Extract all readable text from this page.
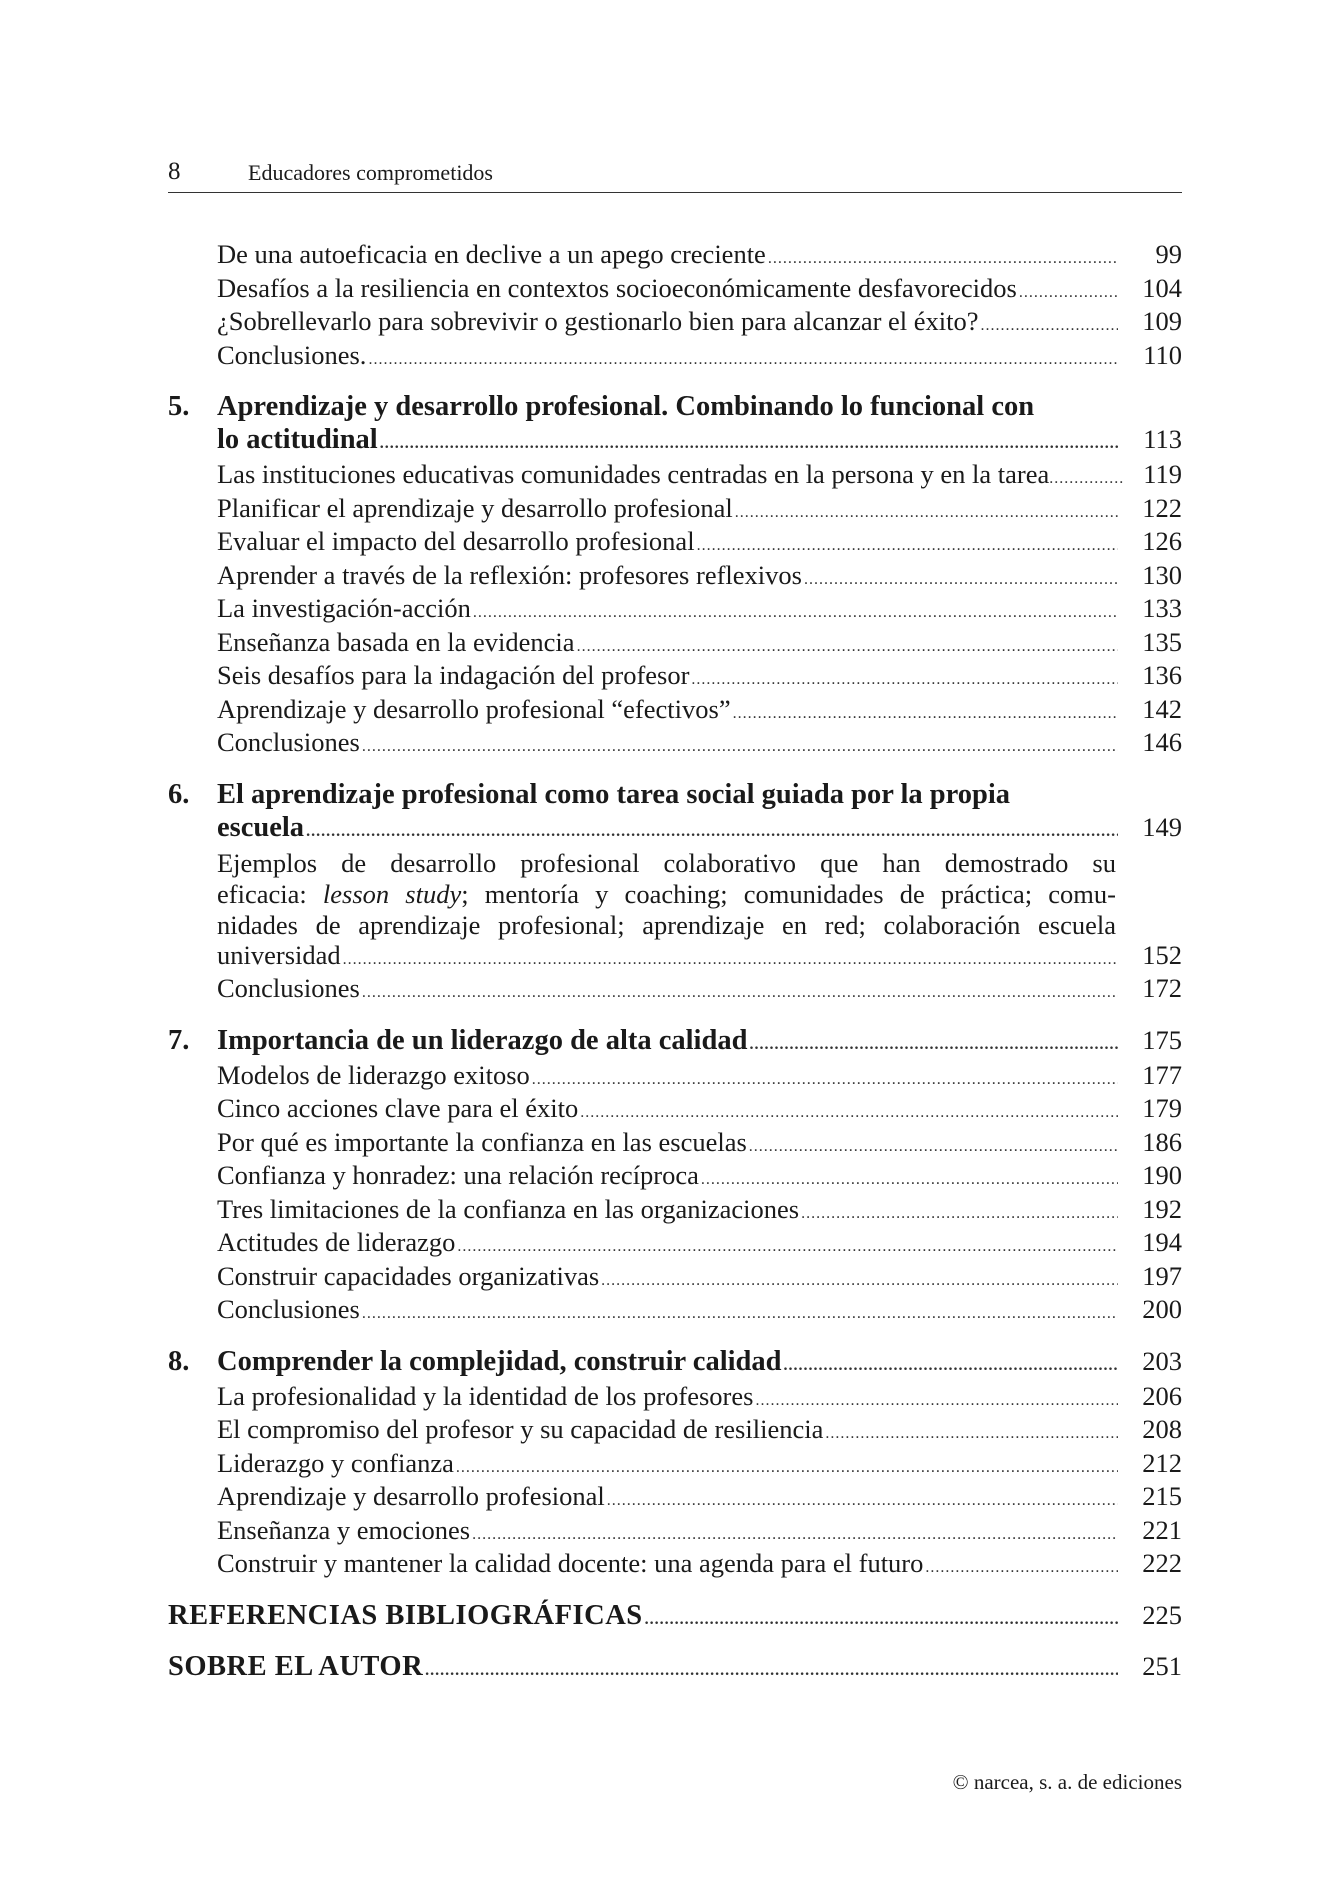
8	Educadores comprometidos
De una autoeficacia en declive a un apego creciente .....	99
Desafíos a la resiliencia en contextos socioeconómicamente desfavorecidos .....	104
¿Sobrellevarlo para sobrevivir o gestionarlo bien para alcanzar el éxito? .....	109
Conclusiones. .....	110
5. Aprendizaje y desarrollo profesional. Combinando lo funcional con
lo actitudinal .....	113
Las instituciones educativas comunidades centradas en la persona y en la tarea .....	119
Planificar el aprendizaje y desarrollo profesional .....	122
Evaluar el impacto del desarrollo profesional .....	126
Aprender a través de la reflexión: profesores reflexivos .....	130
La investigación-acción .....	133
Enseñanza basada en la evidencia .....	135
Seis desafíos para la indagación del profesor .....	136
Aprendizaje y desarrollo profesional “efectivos” .....	142
Conclusiones .....	146
6. El aprendizaje profesional como tarea social guiada por la propia
escuela .....	149
Ejemplos de desarrollo profesional colaborativo que han demostrado su
eficacia: lesson study; mentoría y coaching; comunidades de práctica; comu-
nidades de aprendizaje profesional; aprendizaje en red; colaboración escuela
universidad .....	152
Conclusiones .....	172
7. Importancia de un liderazgo de alta calidad .....	175
Modelos de liderazgo exitoso .....	177
Cinco acciones clave para el éxito .....	179
Por qué es importante la confianza en las escuelas .....	186
Confianza y honradez: una relación recíproca .....	190
Tres limitaciones de la confianza en las organizaciones .....	192
Actitudes de liderazgo .....	194
Construir capacidades organizativas .....	197
Conclusiones .....	200
8. Comprender la complejidad, construir calidad .....	203
La profesionalidad y la identidad de los profesores .....	206
El compromiso del profesor y su capacidad de resiliencia .....	208
Liderazgo y confianza .....	212
Aprendizaje y desarrollo profesional .....	215
Enseñanza y emociones .....	221
Construir y mantener la calidad docente: una agenda para el futuro .....	222
REFERENCIAS BIBLIOGRÁFICAS .....	225
SOBRE EL AUTOR .....	251
© narcea, s. a. de ediciones
